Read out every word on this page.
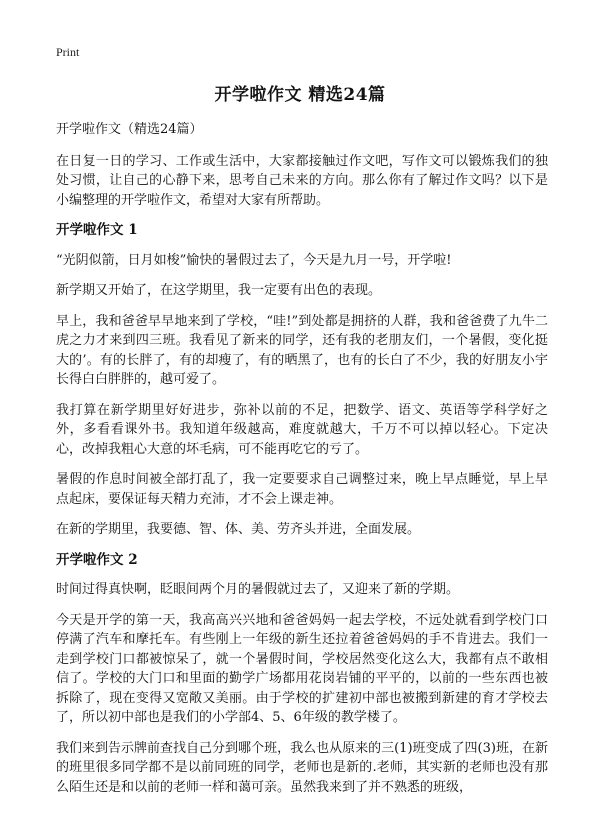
Print
开学啦作文 精选24篇

开学啦作文（精选24篇）

在日复一日的学习、工作或生活中，大家都接触过作文吧，写作文可以锻炼我们的独处习惯，让自己的心静下来，思考自己未来的方向。那么你有了解过作文吗？以下是小编整理的开学啦作文，希望对大家有所帮助。

开学啦作文 1

“光阴似箭，日月如梭”愉快的暑假过去了，今天是九月一号，开学啦!

新学期又开始了，在这学期里，我一定要有出色的表现。

早上，我和爸爸早早地来到了学校，“哇!”到处都是拥挤的人群，我和爸爸费了九牛二虎之力才来到四三班。我看见了新来的同学，还有我的老朋友们，一个暑假，变化挺大的’。有的长胖了，有的却瘦了，有的晒黑了，也有的长白了不少，我的好朋友小宇长得白白胖胖的，越可爱了。

我打算在新学期里好好进步，弥补以前的不足，把数学、语文、英语等学科学好之外，多看看课外书。我知道年级越高，难度就越大，千万不可以掉以轻心。下定决心，改掉我粗心大意的坏毛病，可不能再吃它的亏了。

暑假的作息时间被全部打乱了，我一定要要求自己调整过来，晚上早点睡觉，早上早点起床，要保证每天精力充沛，才不会上课走神。

在新的学期里，我要德、智、体、美、劳齐头并进，全面发展。

开学啦作文 2

时间过得真快啊，眨眼间两个月的暑假就过去了，又迎来了新的学期。

今天是开学的第一天，我高高兴兴地和爸爸妈妈一起去学校，不远处就看到学校门口停满了汽车和摩托车。有些刚上一年级的新生还拉着爸爸妈妈的手不肯进去。我们一走到学校门口都被惊呆了，就一个暑假时间，学校居然变化这么大，我都有点不敢相信了。学校的大门口和里面的勤学广场都用花岗岩铺的平平的，以前的一些东西也被拆除了，现在变得又宽敞又美丽。由于学校的扩建初中部也被搬到新建的育才学校去了，所以初中部也是我们的小学部4、5、6年级的教学楼了。

我们来到告示牌前查找自己分到哪个班，我么也从原来的三(1)班变成了四(3)班，在新的班里很多同学都不是以前同班的同学，老师也是新的.老师，其实新的老师也没有那么陌生还是和以前的老师一样和蔼可亲。虽然我来到了并不熟悉的班级，
